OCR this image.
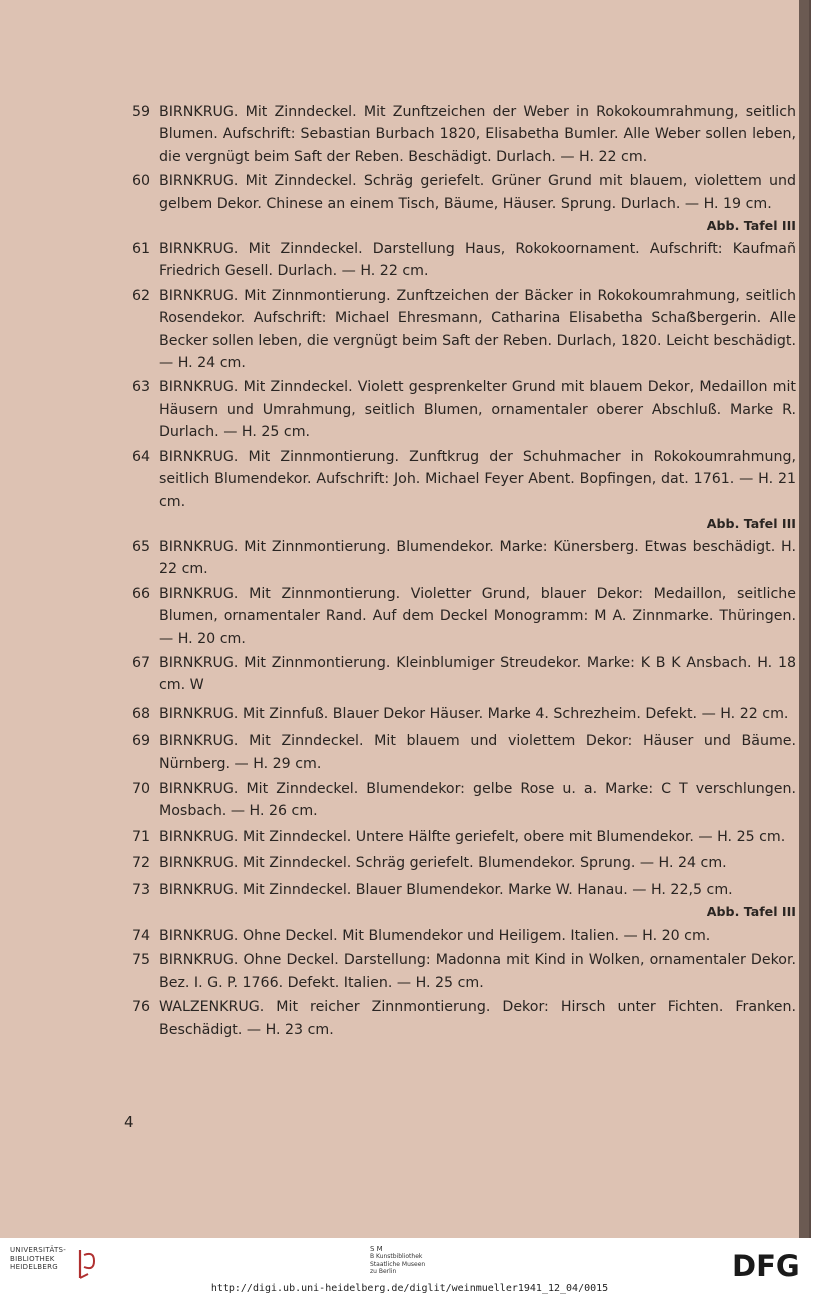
59 BIRNKRUG. Mit Zinndeckel. Mit Zunftzeichen der Weber in Rokokoumrahmung, seitlich Blumen. Aufschrift: Sebastian Burbach 1820, Elisabetha Bumler. Alle Weber sollen leben, die vergnügt beim Saft der Reben. Beschädigt. Durlach. — H. 22 cm.
60 BIRNKRUG. Mit Zinndeckel. Schräg geriefelt. Grüner Grund mit blauem, violettem und gelbem Dekor. Chinese an einem Tisch, Bäume, Häuser. Sprung. Durlach. — H. 19 cm.
Abb. Tafel III
61 BIRNKRUG. Mit Zinndeckel. Darstellung Haus, Rokokoornament. Aufschrift: Kaufmañ Friedrich Gesell. Durlach. — H. 22 cm.
62 BIRNKRUG. Mit Zinnmontierung. Zunftzeichen der Bäcker in Rokokoumrahmung, seitlich Rosendekor. Aufschrift: Michael Ehresmann, Catharina Elisabetha Schaẞbergerin. Alle Becker sollen leben, die vergnügt beim Saft der Reben. Durlach, 1820. Leicht beschädigt. — H. 24 cm.
63 BIRNKRUG. Mit Zinndeckel. Violett gesprenkelter Grund mit blauem Dekor, Medaillon mit Häusern und Umrahmung, seitlich Blumen, ornamentaler oberer Abschluß. Marke R. Durlach. — H. 25 cm.
64 BIRNKRUG. Mit Zinnmontierung. Zunftkrug der Schuhmacher in Rokokoumrahmung, seitlich Blumendekor. Aufschrift: Joh. Michael Feyer Abent. Bopfingen, dat. 1761. — H. 21 cm.
Abb. Tafel III
65 BIRNKRUG. Mit Zinnmontierung. Blumendekor. Marke: Künersberg. Etwas beschädigt. H. 22 cm.
66 BIRNKRUG. Mit Zinnmontierung. Violetter Grund, blauer Dekor: Medaillon, seitliche Blumen, ornamentaler Rand. Auf dem Deckel Monogramm: M A. Zinnmarke. Thüringen. — H. 20 cm.
67 BIRNKRUG. Mit Zinnmontierung. Kleinblumiger Streudekor. Marke: K B K Ansbach. H. 18 cm. W
68 BIRNKRUG. Mit Zinnfuß. Blauer Dekor Häuser. Marke 4. Schrezheim. Defekt. — H. 22 cm.
69 BIRNKRUG. Mit Zinndeckel. Mit blauem und violettem Dekor: Häuser und Bäume. Nürnberg. — H. 29 cm.
70 BIRNKRUG. Mit Zinndeckel. Blumendekor: gelbe Rose u. a. Marke: C T verschlungen. Mosbach. — H. 26 cm.
71 BIRNKRUG. Mit Zinndeckel. Untere Hälfte geriefelt, obere mit Blumendekor. — H. 25 cm.
72 BIRNKRUG. Mit Zinndeckel. Schräg geriefelt. Blumendekor. Sprung. — H. 24 cm.
73 BIRNKRUG. Mit Zinndeckel. Blauer Blumendekor. Marke W. Hanau. — H. 22,5 cm.
Abb. Tafel III
74 BIRNKRUG. Ohne Deckel. Mit Blumendekor und Heiligem. Italien. — H. 20 cm.
75 BIRNKRUG. Ohne Deckel. Darstellung: Madonna mit Kind in Wolken, ornamentaler Dekor. Bez. I. G. P. 1766. Defekt. Italien. — H. 25 cm.
76 WALZENKRUG. Mit reicher Zinnmontierung. Dekor: Hirsch unter Fichten. Franken. Beschädigt. — H. 23 cm.
4
UNIVERSITÄTS-
BIBLIOTHEK
HEIDELBERG
S M
B Kunstbibliothek
Staatliche Museen
zu Berlin	DFG
http://digi.ub.uni-heidelberg.de/diglit/weinmueller1941_12_04/0015
